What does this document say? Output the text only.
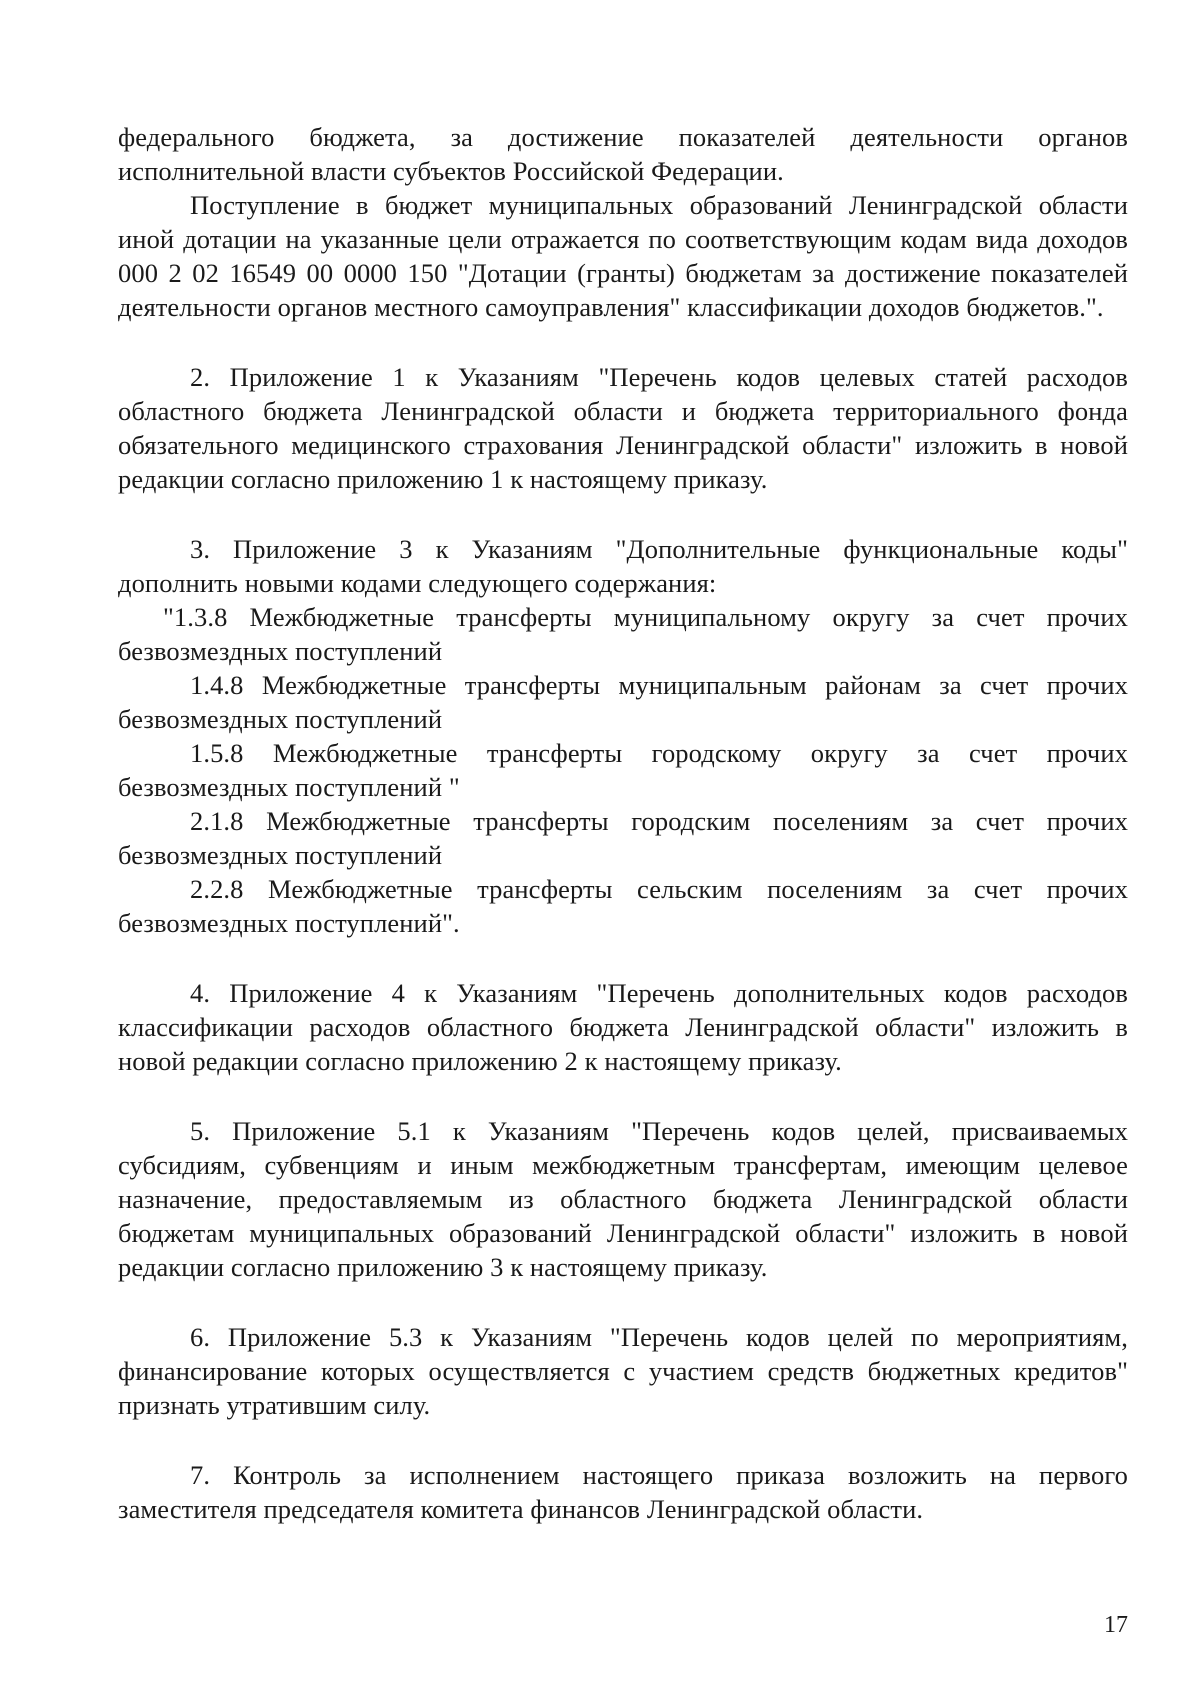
федерального бюджета, за достижение показателей деятельности органов исполнительной власти субъектов Российской Федерации.

Поступление в бюджет муниципальных образований Ленинградской области иной дотации на указанные цели отражается по соответствующим кодам вида доходов 000 2 02 16549 00 0000 150 "Дотации (гранты) бюджетам за достижение показателей деятельности органов местного самоуправления" классификации доходов бюджетов.".

2. Приложение 1 к Указаниям "Перечень кодов целевых статей расходов областного бюджета Ленинградской области и бюджета территориального фонда обязательного медицинского страхования Ленинградской области" изложить в новой редакции согласно приложению 1 к настоящему приказу.

3. Приложение 3 к Указаниям "Дополнительные функциональные коды" дополнить новыми кодами следующего содержания:

"1.3.8 Межбюджетные трансферты муниципальному округу за счет прочих безвозмездных поступлений

1.4.8 Межбюджетные трансферты муниципальным районам за счет прочих безвозмездных поступлений

1.5.8 Межбюджетные трансферты городскому округу за счет прочих безвозмездных поступлений "

2.1.8 Межбюджетные трансферты городским поселениям за счет прочих безвозмездных поступлений

2.2.8 Межбюджетные трансферты сельским поселениям за счет прочих безвозмездных поступлений".

4. Приложение 4 к Указаниям "Перечень дополнительных кодов расходов классификации расходов областного бюджета Ленинградской области" изложить в новой редакции согласно приложению 2 к настоящему приказу.

5. Приложение 5.1 к Указаниям "Перечень кодов целей, присваиваемых субсидиям, субвенциям и иным межбюджетным трансфертам, имеющим целевое назначение, предоставляемым из областного бюджета Ленинградской области бюджетам муниципальных образований Ленинградской области" изложить в новой редакции согласно приложению 3 к настоящему приказу.

6. Приложение 5.3 к Указаниям "Перечень кодов целей по мероприятиям, финансирование которых осуществляется с участием средств бюджетных кредитов" признать утратившим силу.

7. Контроль за исполнением настоящего приказа возложить на первого заместителя председателя комитета финансов Ленинградской области.

17
